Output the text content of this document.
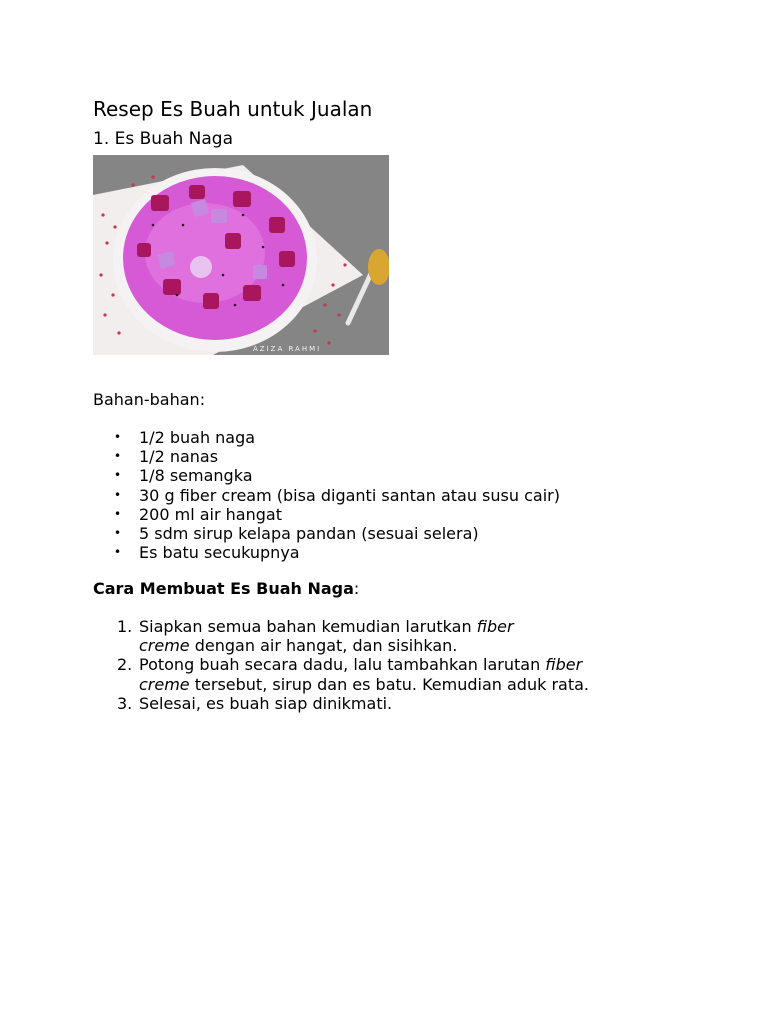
Resep Es Buah untuk Jualan
1. Es Buah Naga
AZIZA RAHMI
Bahan-bahan:
• 1/2 buah naga
• 1/2 nanas
• 1/8 semangka
• 30 g fiber cream (bisa diganti santan atau susu cair)
• 200 ml air hangat
• 5 sdm sirup kelapa pandan (sesuai selera)
• Es batu secukupnya
Cara Membuat Es Buah Naga:
1. Siapkan semua bahan kemudian larutkan fiber
creme dengan air hangat, dan sisihkan.
2. Potong buah secara dadu, lalu tambahkan larutan fiber
creme tersebut, sirup dan es batu. Kemudian aduk rata.
3. Selesai, es buah siap dinikmati.
